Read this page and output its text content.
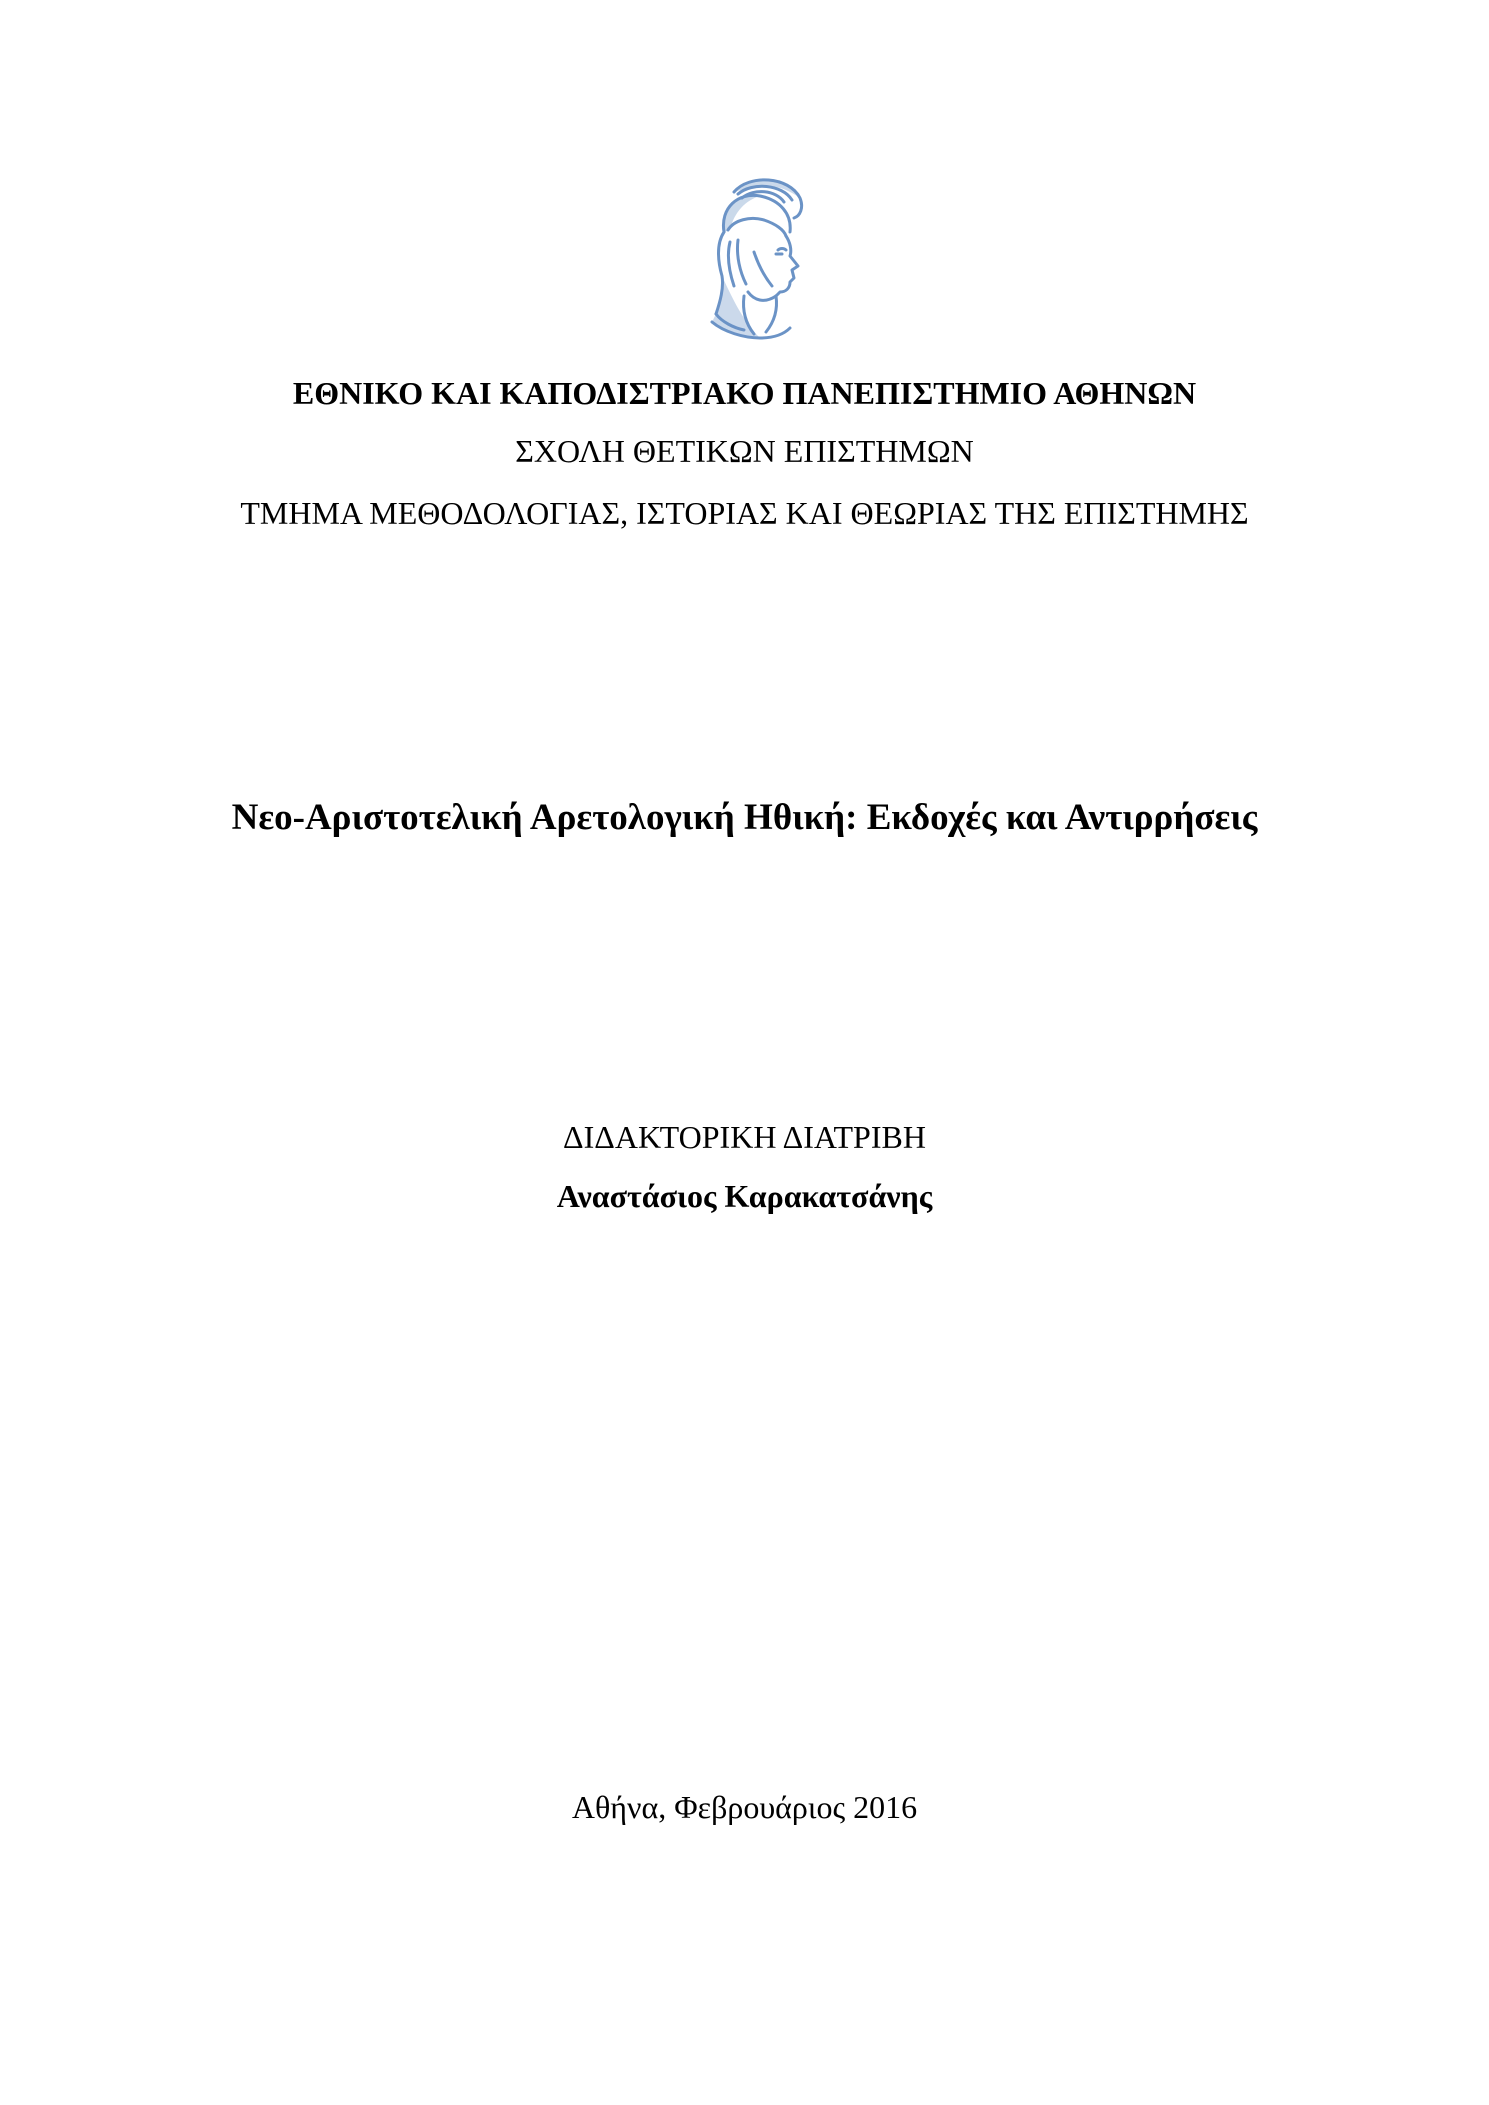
ΕΘΝΙΚΟ ΚΑΙ ΚΑΠΟΔΙΣΤΡΙΑΚΟ ΠΑΝΕΠΙΣΤΗΜΙΟ ΑΘΗΝΩΝ
ΣΧΟΛΗ ΘΕΤΙΚΩΝ ΕΠΙΣΤΗΜΩΝ
ΤΜΗΜΑ ΜΕΘΟΔΟΛΟΓΙΑΣ, ΙΣΤΟΡΙΑΣ ΚΑΙ ΘΕΩΡΙΑΣ ΤΗΣ ΕΠΙΣΤΗΜΗΣ
Νεο-Αριστοτελική Αρετολογική Ηθική: Εκδοχές και Αντιρρήσεις
ΔΙΔΑΚΤΟΡΙΚΗ ΔΙΑΤΡΙΒΗ
Αναστάσιος Καρακατσάνης
Αθήνα, Φεβρουάριος 2016
